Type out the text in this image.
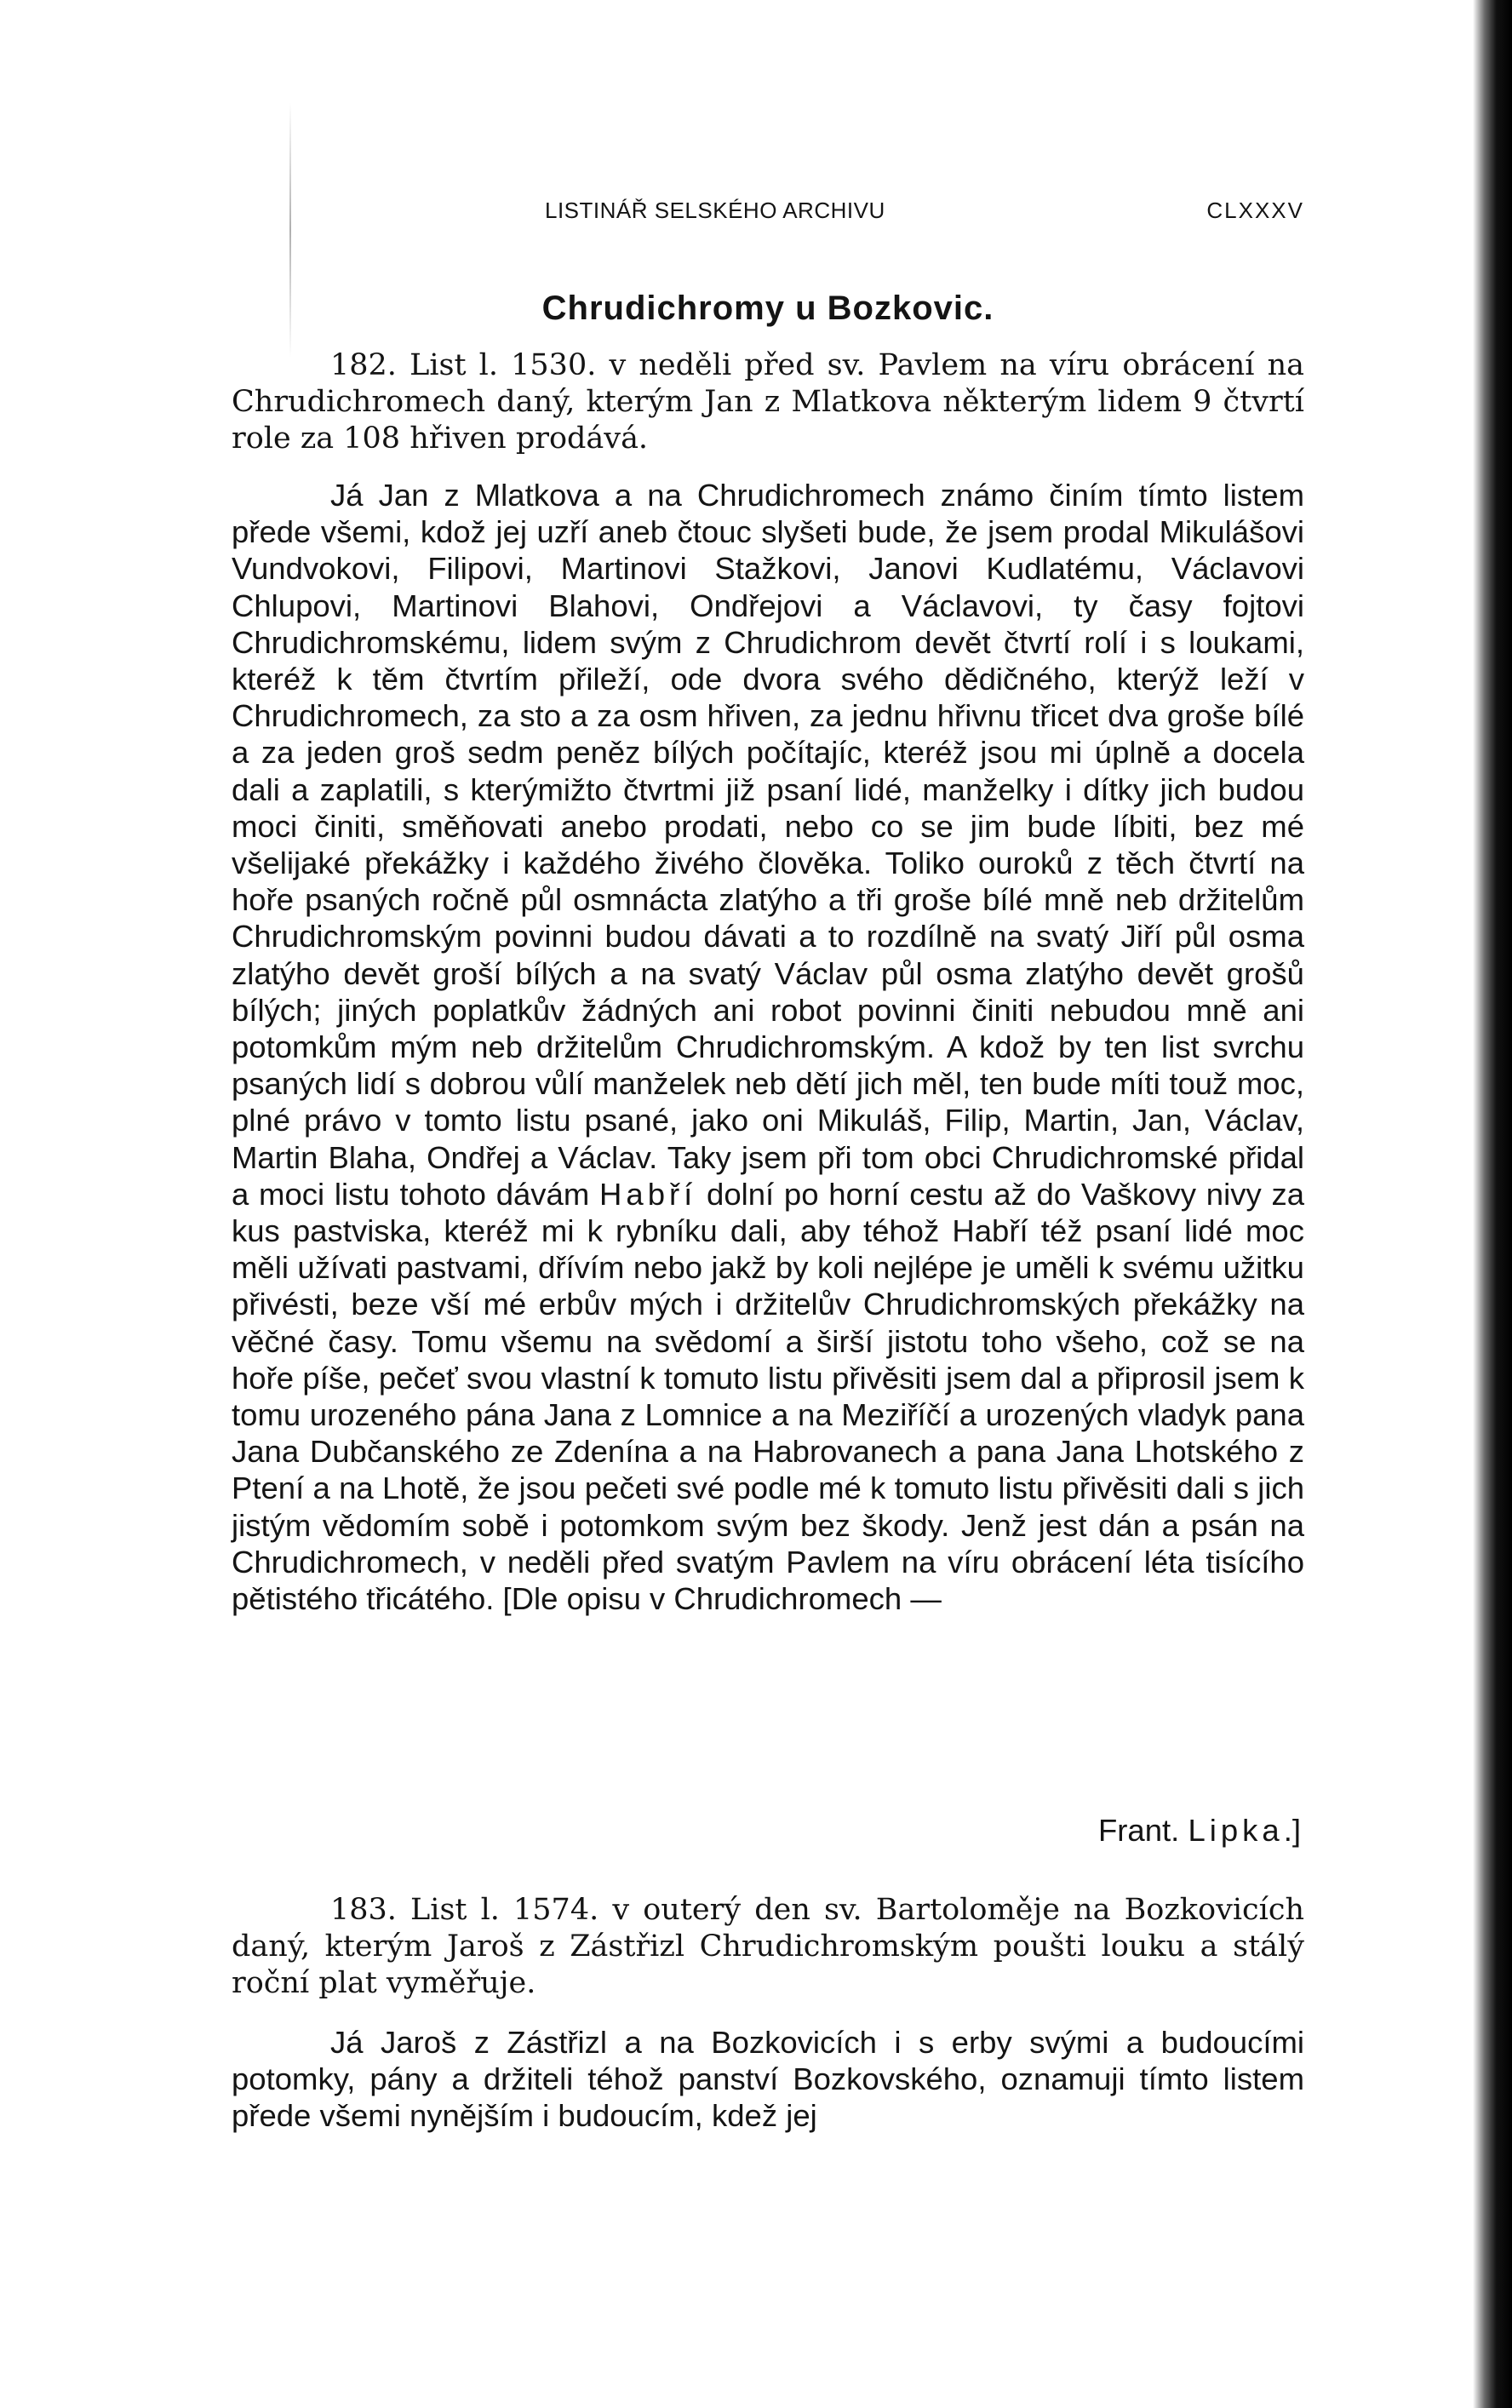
LISTINÁŘ SELSKÉHO ARCHIVU	CLXXXV
Chrudichromy u Bozkovic.

182. List l. 1530. v neděli před sv. Pavlem na víru obrácení na Chrudichromech daný, kterým Jan z Mlatkova některým lidem 9 čtvrtí role za 108 hřiven prodává.

Já Jan z Mlatkova a na Chrudichromech známo činím tímto listem přede všemi, kdož jej uzří aneb čtouc slyšeti bude, že jsem prodal Mikulášovi Vundvokovi, Filipovi, Martinovi Stažkovi, Janovi Kudlatému, Václavovi Chlupovi, Martinovi Blahovi, Ondřejovi a Václavovi, ty časy fojtovi Chrudichromskému, lidem svým z Chrudichrom devět čtvrtí rolí i s loukami, kteréž k těm čtvrtím přileží, ode dvora svého dědičného, kterýž leží v Chrudichromech, za sto a za osm hřiven, za jednu hřivnu třicet dva groše bílé a za jeden groš sedm peněz bílých počítajíc, kteréž jsou mi úplně a docela dali a zaplatili, s kterýmižto čtvrtmi již psaní lidé, manželky i dítky jich budou moci činiti, směňovati anebo prodati, nebo co se jim bude líbiti, bez mé všelijaké překážky i každého živého člověka. Toliko ouroků z těch čtvrtí na hoře psaných ročně půl osmnácta zlatýho a tři groše bílé mně neb držitelům Chrudichromským povinni budou dávati a to rozdílně na svatý Jiří půl osma zlatýho devět groší bílých a na svatý Václav půl osma zlatýho devět grošů bílých; jiných poplatkův žádných ani robot povinni činiti nebudou mně ani potomkům mým neb držitelům Chrudichromským. A kdož by ten list svrchu psaných lidí s dobrou vůlí manželek neb dětí jich měl, ten bude míti touž moc, plné právo v tomto listu psané, jako oni Mikuláš, Filip, Martin, Jan, Václav, Martin Blaha, Ondřej a Václav. Taky jsem při tom obci Chrudichromské přidal a moci listu tohoto dávám Habří dolní po horní cestu až do Vaškovy nivy za kus pastviska, kteréž mi k rybníku dali, aby téhož Habří též psaní lidé moc měli užívati pastvami, dřívím nebo jakž by koli nejlépe je uměli k svému užitku přivésti, beze vší mé erbův mých i držitelův Chrudichromských překážky na věčné časy. Tomu všemu na svědomí a širší jistotu toho všeho, což se na hoře píše, pečeť svou vlastní k tomuto listu přivěsiti jsem dal a připrosil jsem k tomu urozeného pána Jana z Lomnice a na Meziříčí a urozených vladyk pana Jana Dubčanského ze Zdenína a na Habrovanech a pana Jana Lhotského z Ptení a na Lhotě, že jsou pečeti své podle mé k tomuto listu přivěsiti dali s jich jistým vědomím sobě i potomkom svým bez škody. Jenž jest dán a psán na Chrudichromech, v neděli před svatým Pavlem na víru obrácení léta tisícího pětistého třicátého. [Dle opisu v Chrudichromech —

Frant. Lipka.]

183. List l. 1574. v outerý den sv. Bartoloměje na Bozkovicích daný, kterým Jaroš z Zástřizl Chrudichromským poušti louku a stálý roční plat vyměřuje.

Já Jaroš z Zástřizl a na Bozkovicích i s erby svými a budoucími potomky, pány a držiteli téhož panství Bozkovského, oznamuji tímto listem přede všemi nynějším i budoucím, kdež jej
